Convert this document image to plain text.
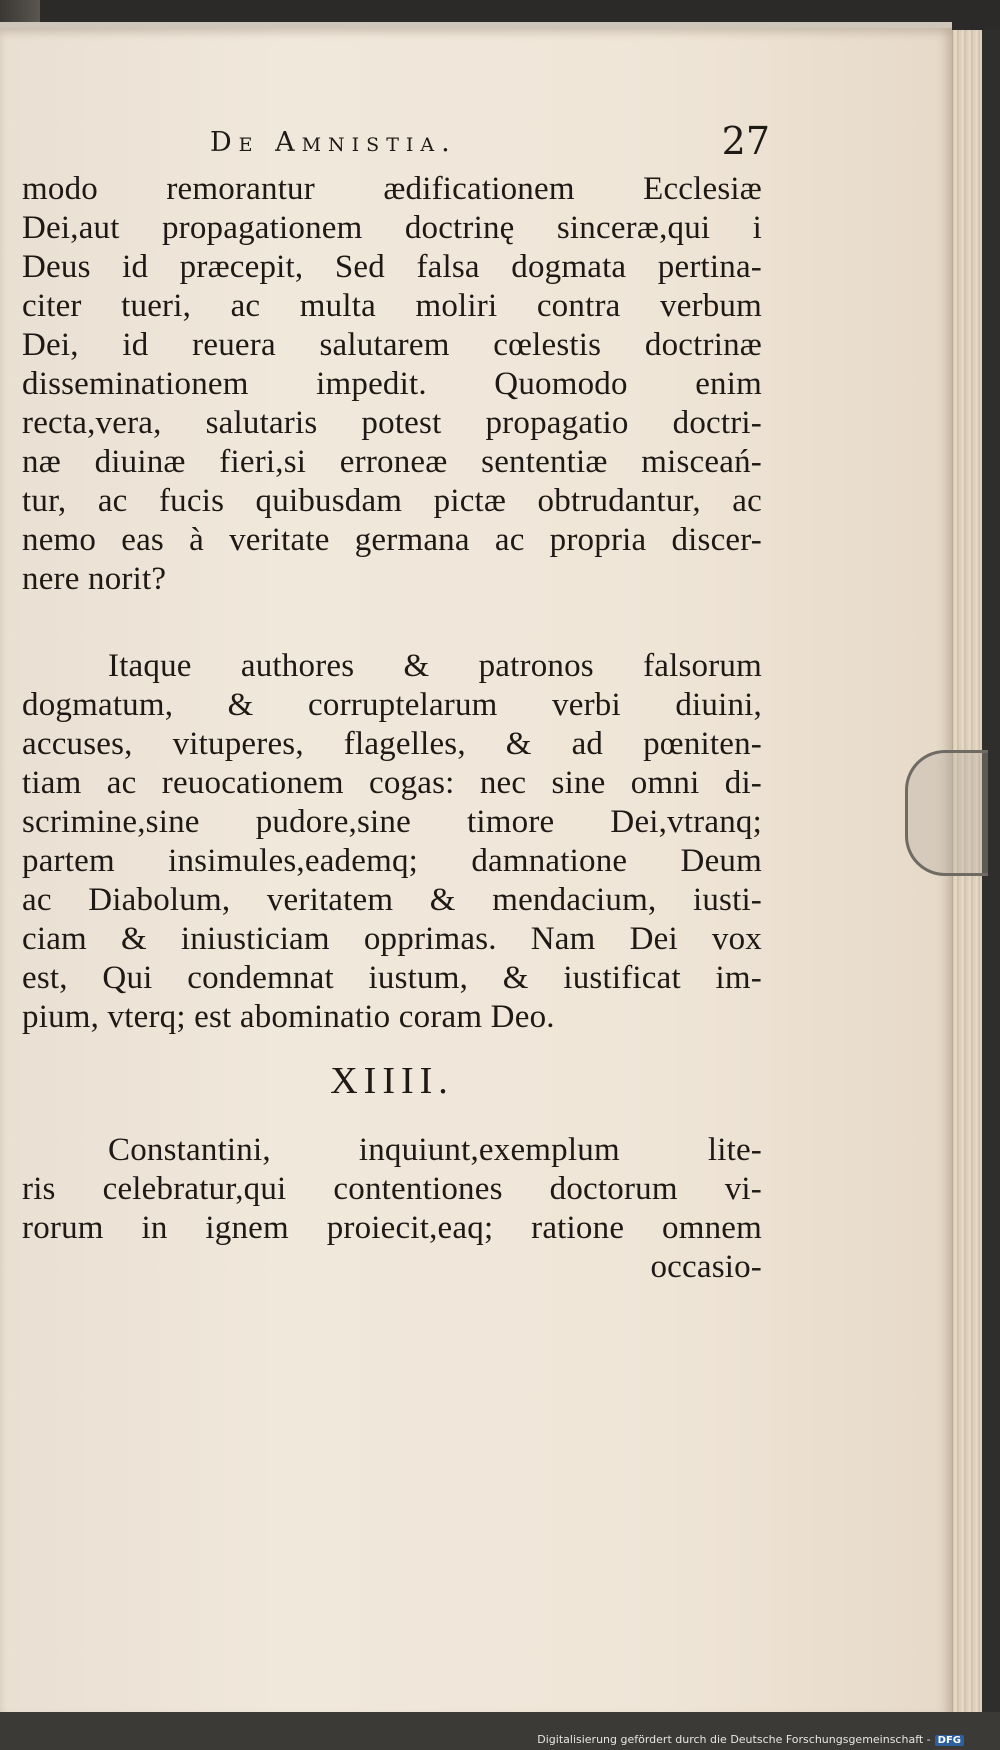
De Amnistia.	27
modo remorantur ædificationem Ecclesiæ
Dei,aut propagationem doctrinę sinceræ,qui i
Deus id præcepit, Sed falsa dogmata pertina-
citer tueri, ac multa moliri contra verbum
Dei, id reuera salutarem cœlestis doctrinæ
disseminationem impedit. Quomodo enim
recta,vera, salutaris potest propagatio doctri-
næ diuinæ fieri,si erroneæ sententiæ misceań-
tur, ac fucis quibusdam pictæ obtrudantur, ac
nemo eas à veritate germana ac propria discer-
nere norit?
Itaque authores & patronos falsorum
dogmatum, & corruptelarum verbi diuini,
accuses, vituperes, flagelles, & ad pœniten-
tiam ac reuocationem cogas: nec sine omni di-
scrimine,sine pudore,sine timore Dei,vtranq;
partem insimules,eademq; damnatione Deum
ac Diabolum, veritatem & mendacium, iusti-
ciam & iniusticiam opprimas. Nam Dei vox
est, Qui condemnat iustum, & iustificat im-
pium, vterq; est abominatio coram Deo.
XIIII.
Constantini, inquiunt,exemplum lite-
ris celebratur,qui contentiones doctorum vi-
rorum in ignem proiecit,eaq; ratione omnem
occasio-
Digitalisierung gefördert durch die Deutsche Forschungsgemeinschaft - DFG
